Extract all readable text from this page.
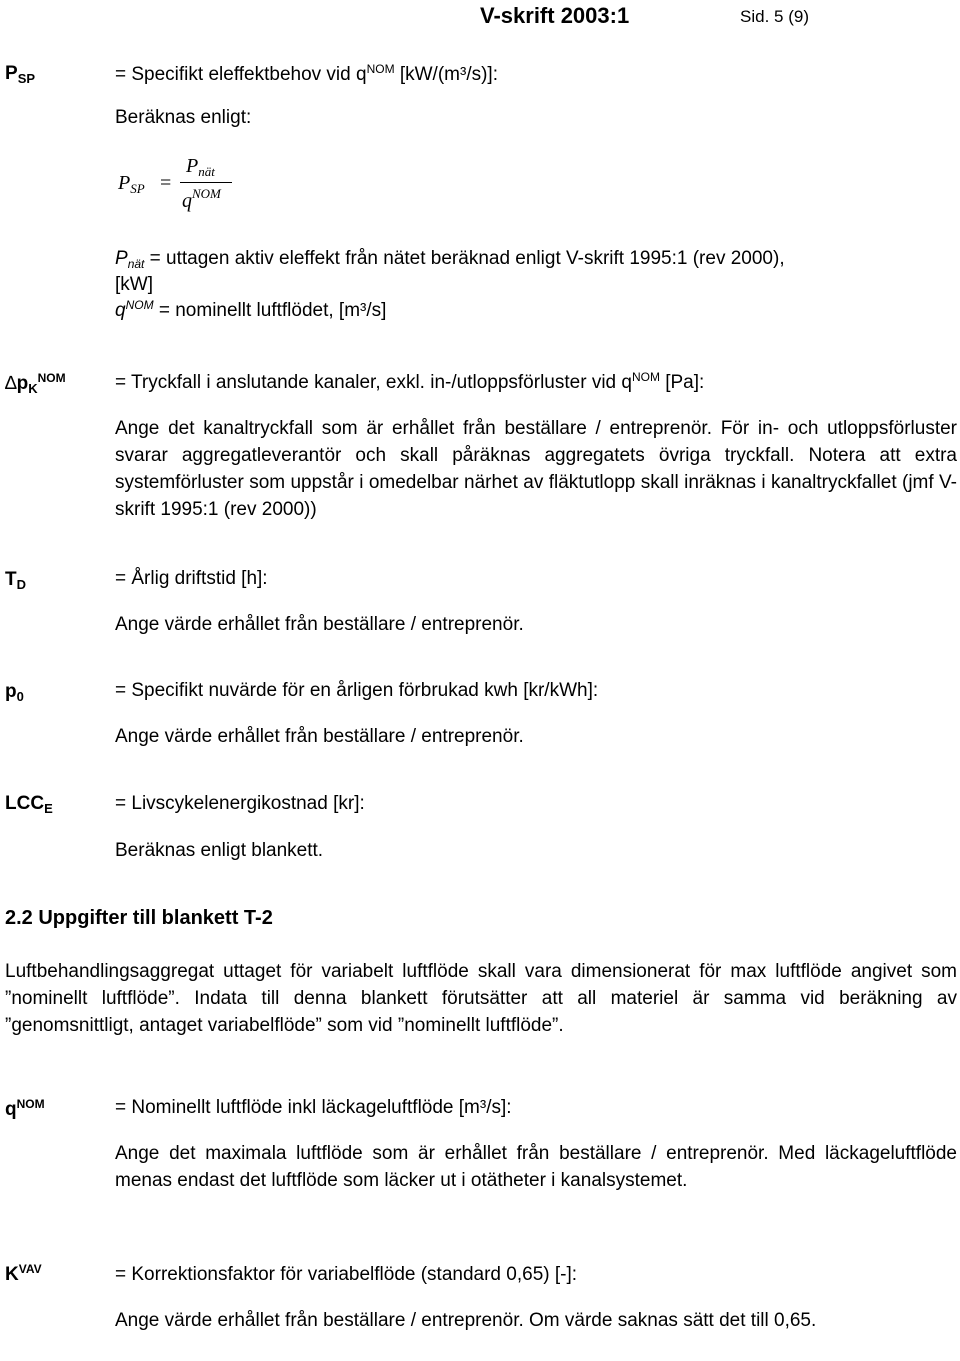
V-skrift 2003:1	Sid. 5 (9)
$P_{SP}$	= Specifikt eleffektbehov vid $q^{NOM}$ [kW/(m³/s)]:
Beräknas enligt:
$P_{SP}$ =
$P_{nät}$
$q^{NOM}$
$P_{nät}$ = uttagen aktiv eleffekt från nätet beräknad enligt V-skrift 1995:1 (rev 2000),
[kW]
$q^{NOM}$ = nominellt luftflödet, [m³/s]
$\Delta p_K^{NOM}$	= Tryckfall i anslutande kanaler, exkl. in-/utloppsförluster vid $q^{NOM}$ [Pa]:
Ange det kanaltryckfall som är erhållet från beställare / entreprenör. För in- och utloppsförluster svarar aggregatleverantör och skall påräknas aggregatets övriga tryckfall. Notera att extra systemförluster som uppstår i omedelbar närhet av fläktutlopp skall inräknas i kanaltryckfallet (jmf V-skrift 1995:1 (rev 2000))
$T_D$	= Årlig driftstid [h]:
Ange värde erhållet från beställare / entreprenör.
$p_0$	= Specifikt nuvärde för en årligen förbrukad kwh [kr/kWh]:
Ange värde erhållet från beställare / entreprenör.
$LCC_E$	= Livscykelenergikostnad [kr]:
Beräknas enligt blankett.
2.2 Uppgifter till blankett T-2
Luftbehandlingsaggregat uttaget för variabelt luftflöde skall vara dimensionerat för max luftflöde angivet som ”nominellt luftflöde”. Indata till denna blankett förutsätter att all materiel är samma vid beräkning av ”genomsnittligt, antaget variabelflöde” som vid ”nominellt luftflöde”.
$q^{NOM}$	= Nominellt luftflöde inkl läckageluftflöde [m³/s]:
Ange det maximala luftflöde som är erhållet från beställare / entreprenör. Med läckageluftflöde menas endast det luftflöde som läcker ut i otätheter i kanalsystemet.
$K^{VAV}$	= Korrektionsfaktor för variabelflöde (standard 0,65) [-]:
Ange värde erhållet från beställare / entreprenör. Om värde saknas sätt det till 0,65.
